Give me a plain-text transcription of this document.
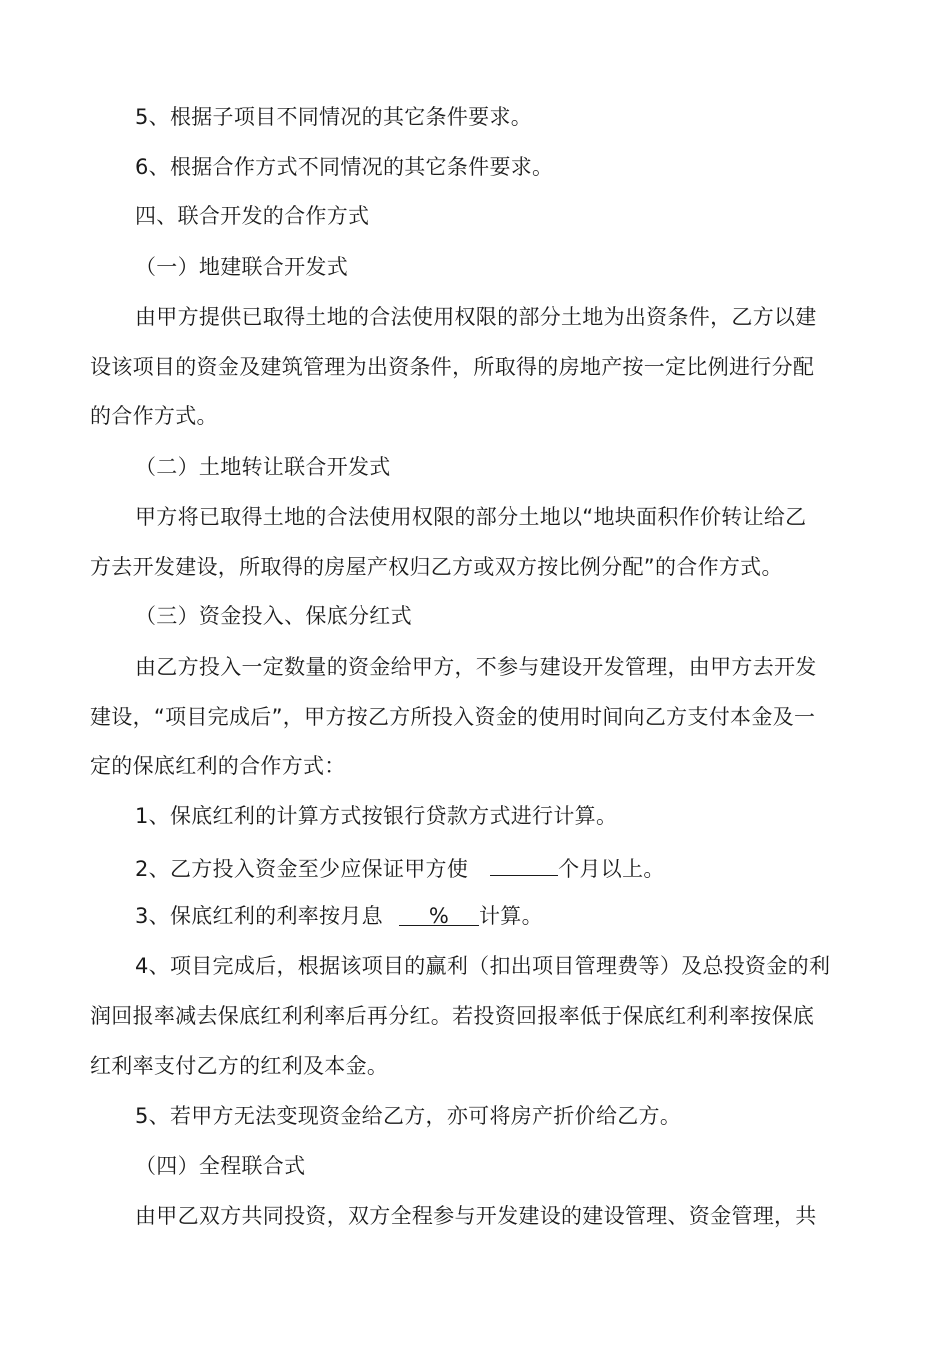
5、根据子项目不同情况的其它条件要求。
6、根据合作方式不同情况的其它条件要求。
四、联合开发的合作方式
（一）地建联合开发式
由甲方提供已取得土地的合法使用权限的部分土地为出资条件，乙方以建
设该项目的资金及建筑管理为出资条件，所取得的房地产按一定比例进行分配
的合作方式。
（二）土地转让联合开发式
甲方将已取得土地的合法使用权限的部分土地以“地块面积作价转让给乙
方去开发建设，所取得的房屋产权归乙方或双方按比例分配”的合作方式。
（三）资金投入、保底分红式
由乙方投入一定数量的资金给甲方，不参与建设开发管理，由甲方去开发
建设，“项目完成后”，甲方按乙方所投入资金的使用时间向乙方支付本金及一
定的保底红利的合作方式：
1、保底红利的计算方式按银行贷款方式进行计算。
2、乙方投入资金至少应保证甲方使	个月以上。
3、保底红利的利率按月息 % 计算。
4、项目完成后，根据该项目的赢利（扣出项目管理费等）及总投资金的利
润回报率减去保底红利利率后再分红。若投资回报率低于保底红利利率按保底
红利率支付乙方的红利及本金。
5、若甲方无法变现资金给乙方，亦可将房产折价给乙方。
（四）全程联合式
由甲乙双方共同投资，双方全程参与开发建设的建设管理、资金管理，共
